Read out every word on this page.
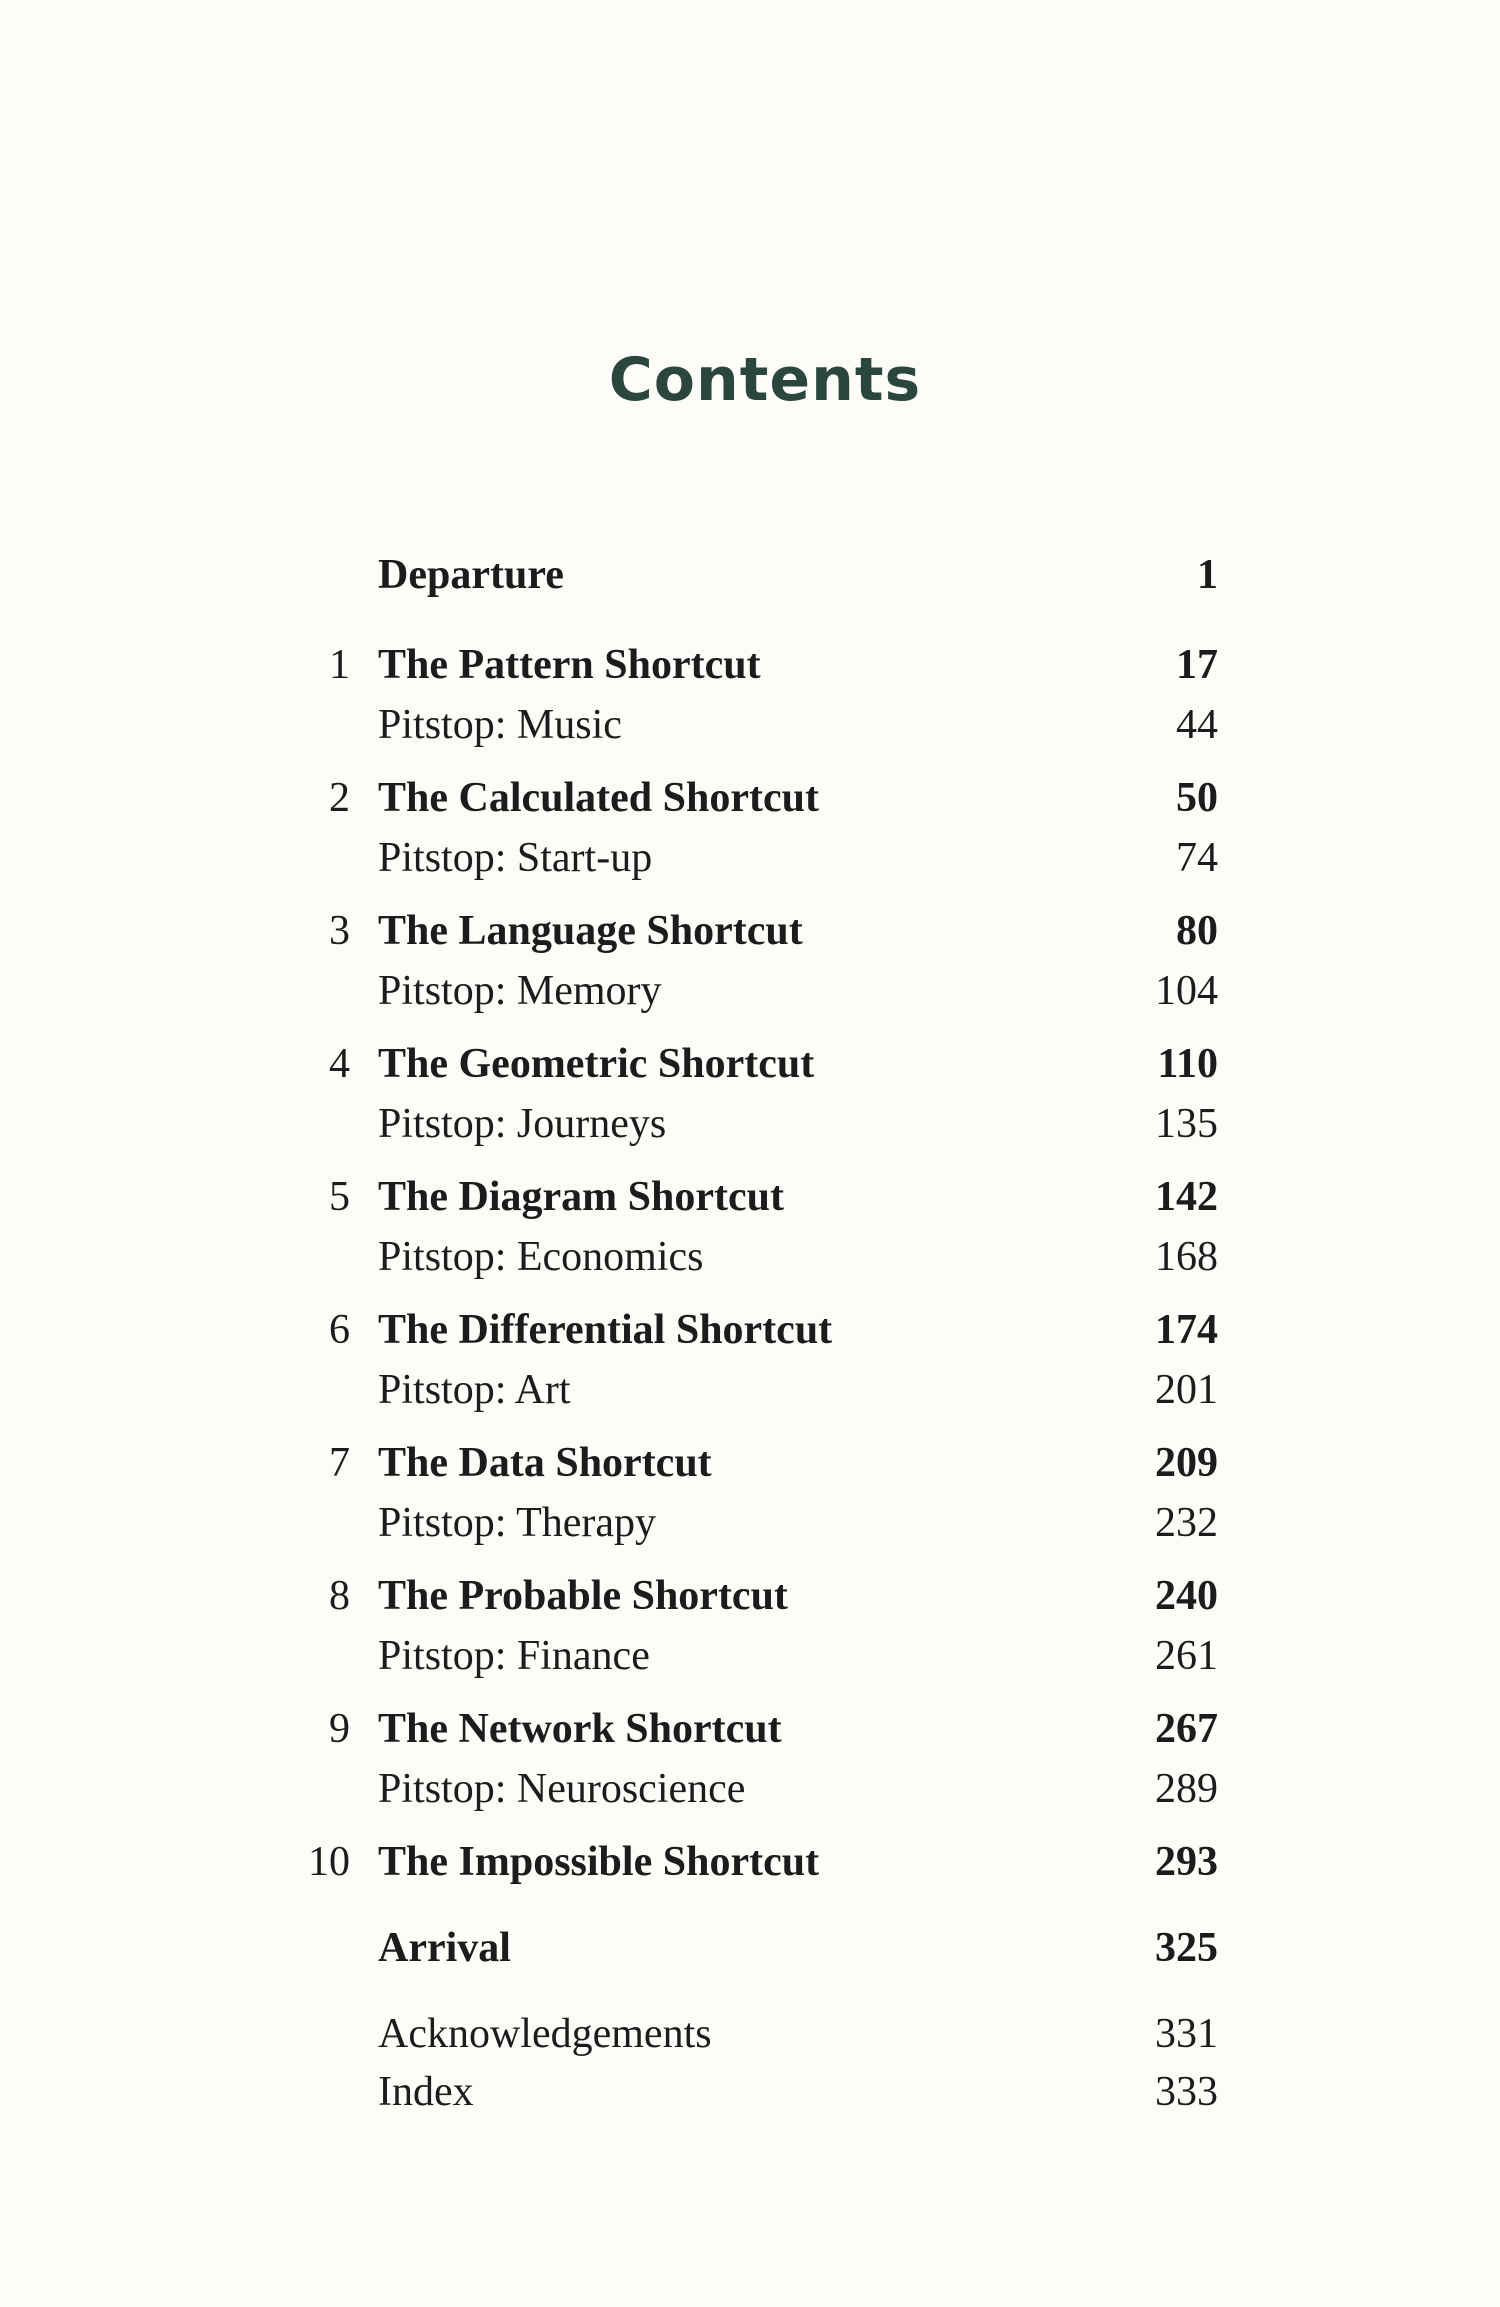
Contents
Departure	1
1 The Pattern Shortcut	17
Pitstop: Music	44
2 The Calculated Shortcut	50
Pitstop: Start-up	74
3 The Language Shortcut	80
Pitstop: Memory	104
4 The Geometric Shortcut	110
Pitstop: Journeys	135
5 The Diagram Shortcut	142
Pitstop: Economics	168
6 The Differential Shortcut	174
Pitstop: Art	201
7 The Data Shortcut	209
Pitstop: Therapy	232
8 The Probable Shortcut	240
Pitstop: Finance	261
9 The Network Shortcut	267
Pitstop: Neuroscience	289
10 The Impossible Shortcut	293
Arrival	325
Acknowledgements	331
Index	333
